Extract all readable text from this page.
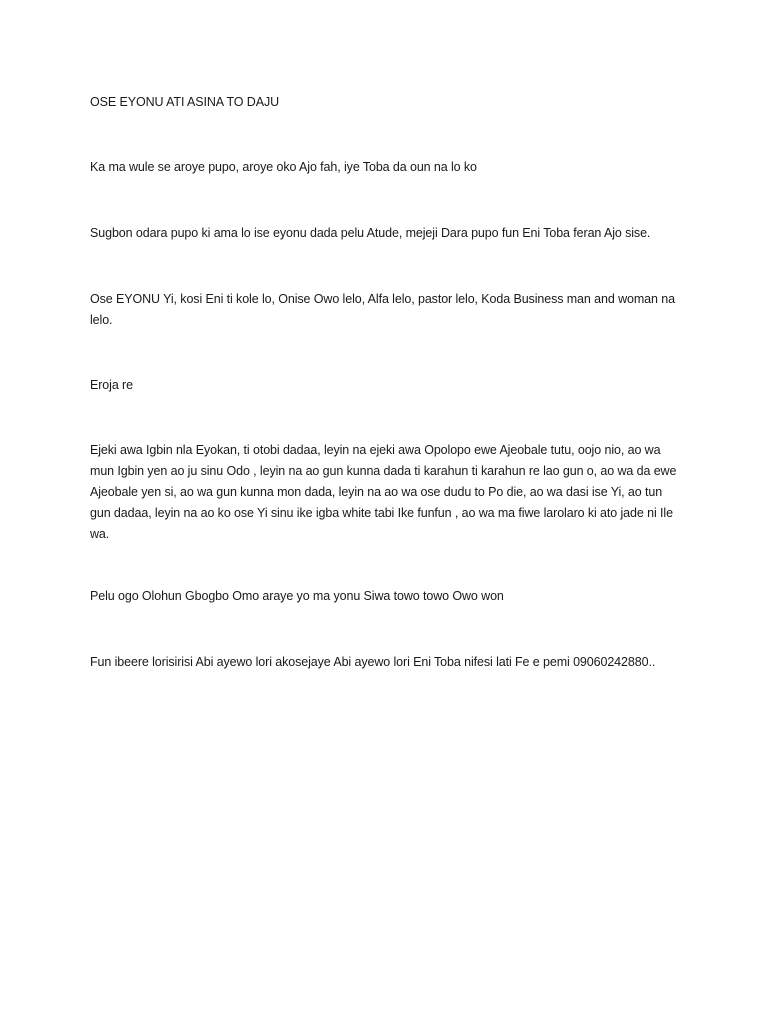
OSE EYONU ATI ASINA TO DAJU

Ka ma wule se aroye pupo, aroye oko Ajo fah, iye Toba da oun na lo ko

Sugbon odara pupo ki ama lo ise eyonu dada pelu Atude, mejeji Dara pupo fun Eni Toba feran Ajo sise.

Ose EYONU Yi, kosi Eni ti kole lo, Onise Owo lelo, Alfa lelo, pastor lelo, Koda Business man and woman na lelo.

Eroja re

Ejeki awa Igbin nla Eyokan, ti otobi dadaa, leyin na ejeki awa Opolopo ewe Ajeobale tutu, oojo nio, ao wa mun Igbin yen ao ju sinu Odo , leyin na ao gun kunna dada ti karahun ti karahun re lao gun o, ao wa da ewe Ajeobale yen si, ao wa gun kunna mon dada, leyin na ao wa ose dudu to Po die, ao wa dasi ise Yi, ao tun gun dadaa, leyin na ao ko ose Yi sinu ike igba white tabi Ike funfun , ao wa ma fiwe larolaro ki ato jade ni Ile wa.

Pelu ogo Olohun Gbogbo Omo araye yo ma yonu Siwa towo towo Owo won

Fun ibeere lorisirisi Abi ayewo lori akosejaye Abi ayewo lori Eni Toba nifesi lati Fe e pemi 09060242880..
